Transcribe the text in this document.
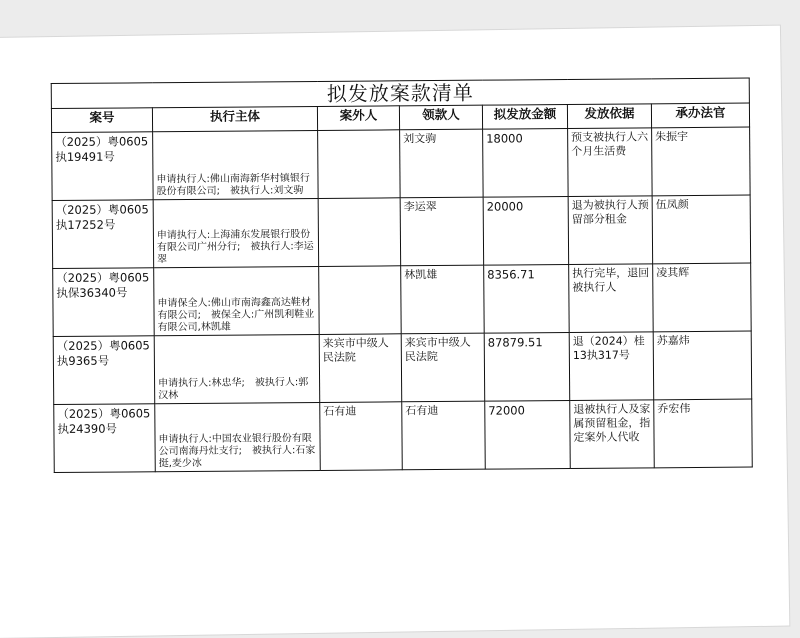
拟发放案款清单						
案号	执行主体	案外人	领款人	拟发放金额	发放依据	承办法官
（2025）粤0605执19491号	申请执行人:佛山南海新华村镇银行股份有限公司;　被执行人:刘文驹		刘文驹	18000	预支被执行人六个月生活费	朱振宇
（2025）粤0605执17252号	申请执行人:上海浦东发展银行股份有限公司广州分行;　被执行人:李运翠		李运翠	20000	退为被执行人预留部分租金	伍凤颜
（2025）粤0605执保36340号	申请保全人:佛山市南海鑫高达鞋材有限公司;　被保全人:广州凯利鞋业有限公司,林凯雄		林凯雄	8356.71	执行完毕，退回被执行人	凌其辉
（2025）粤0605执9365号	申请执行人:林忠华;　被执行人:郭汉林	来宾市中级人民法院	来宾市中级人民法院	87879.51	退（2024）桂13执317号	苏嘉炜
（2025）粤0605执24390号	申请执行人:中国农业银行股份有限公司南海丹灶支行;　被执行人:石家挺,麦少冰	石有迪	石有迪	72000	退被执行人及家属预留租金，指定案外人代收	乔宏伟
